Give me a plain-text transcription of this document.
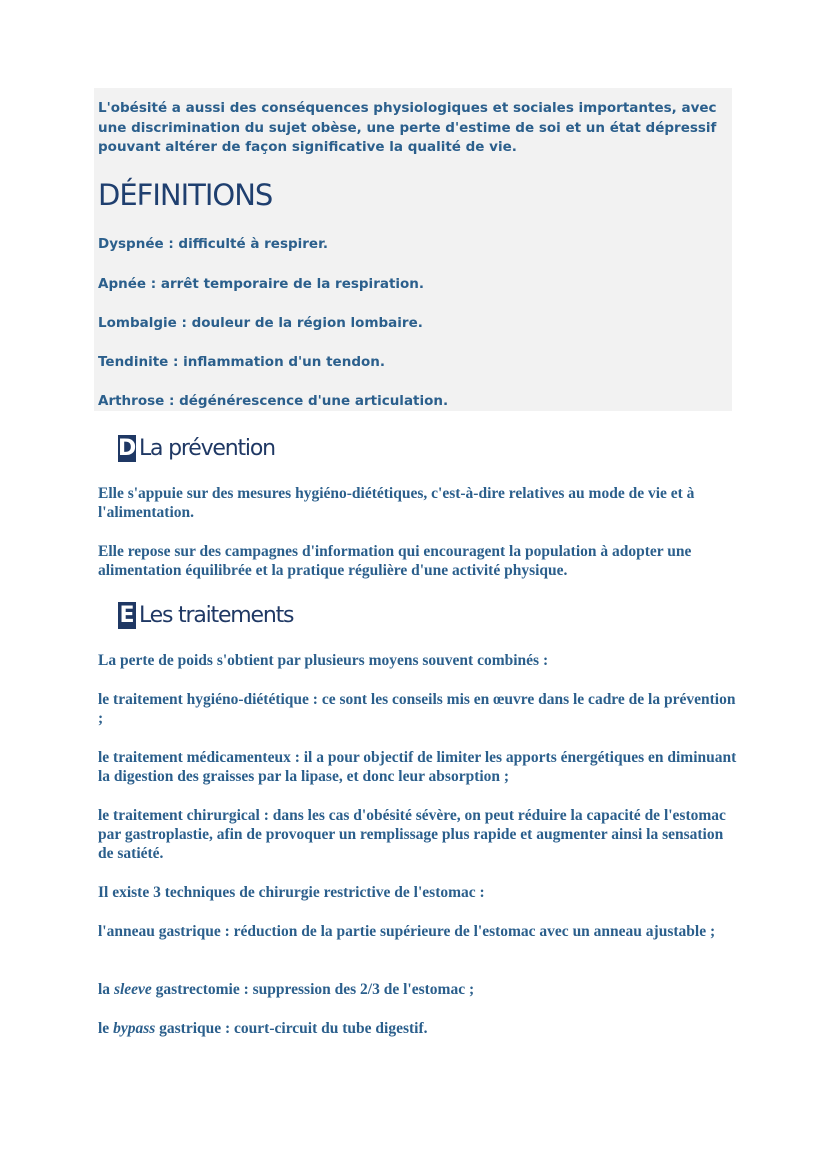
L'obésité a aussi des conséquences physiologiques et sociales importantes, avec une discrimination du sujet obèse, une perte d'estime de soi et un état dépressif pouvant altérer de façon significative la qualité de vie.

DÉFINITIONS

Dyspnée : difficulté à respirer.

Apnée : arrêt temporaire de la respiration.

Lombalgie : douleur de la région lombaire.

Tendinite : inflammation d'un tendon.

Arthrose : dégénérescence d'une articulation.

D La prévention

Elle s'appuie sur des mesures hygiéno-diététiques, c'est-à-dire relatives au mode de vie et à l'alimentation.

Elle repose sur des campagnes d'information qui encouragent la population à adopter une alimentation équilibrée et la pratique régulière d'une activité physique.

E Les traitements

La perte de poids s'obtient par plusieurs moyens souvent combinés :

le traitement hygiéno-diététique : ce sont les conseils mis en œuvre dans le cadre de la prévention ;

le traitement médicamenteux : il a pour objectif de limiter les apports énergétiques en diminuant la digestion des graisses par la lipase, et donc leur absorption ;

le traitement chirurgical : dans les cas d'obésité sévère, on peut réduire la capacité de l'estomac par gastroplastie, afin de provoquer un remplissage plus rapide et augmenter ainsi la sensation de satiété.

Il existe 3 techniques de chirurgie restrictive de l'estomac :

l'anneau gastrique : réduction de la partie supérieure de l'estomac avec un anneau ajustable ;

la sleeve gastrectomie : suppression des 2/3 de l'estomac ;

le bypass gastrique : court-circuit du tube digestif.
